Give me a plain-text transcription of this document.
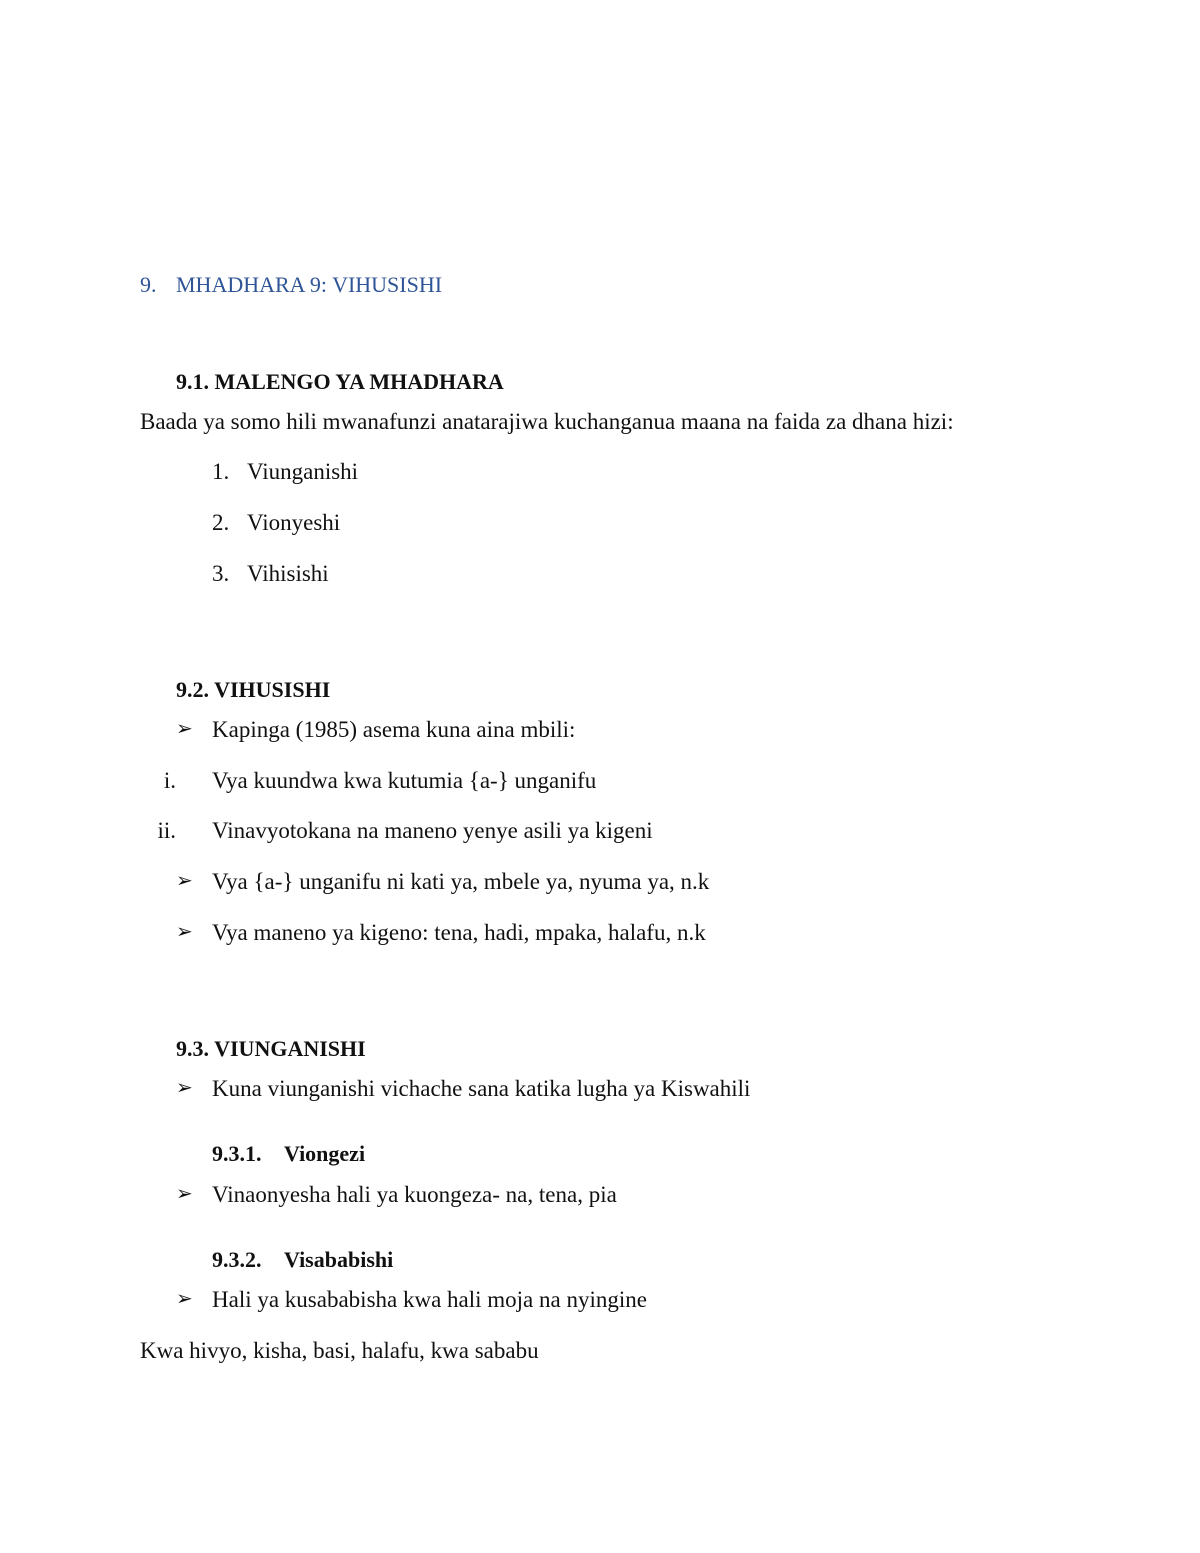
9. MHADHARA 9: VIHUSISHI
9.1. MALENGO YA MHADHARA
Baada ya somo hili mwanafunzi anatarajiwa kuchanganua maana na faida za dhana hizi:
1. Viunganishi
2. Vionyeshi
3. Vihisishi
9.2. VIHUSISHI
➢ Kapinga (1985) asema kuna aina mbili:
i. Vya kuundwa kwa kutumia {a-} unganifu
ii. Vinavyotokana na maneno yenye asili ya kigeni
➢ Vya {a-} unganifu ni kati ya, mbele ya, nyuma ya, n.k
➢ Vya maneno ya kigeno: tena, hadi, mpaka, halafu, n.k
9.3. VIUNGANISHI
➢ Kuna viunganishi vichache sana katika lugha ya Kiswahili
9.3.1. Viongezi
➢ Vinaonyesha hali ya kuongeza- na, tena, pia
9.3.2. Visababishi
➢ Hali ya kusababisha kwa hali moja na nyingine
Kwa hivyo, kisha, basi, halafu, kwa sababu
